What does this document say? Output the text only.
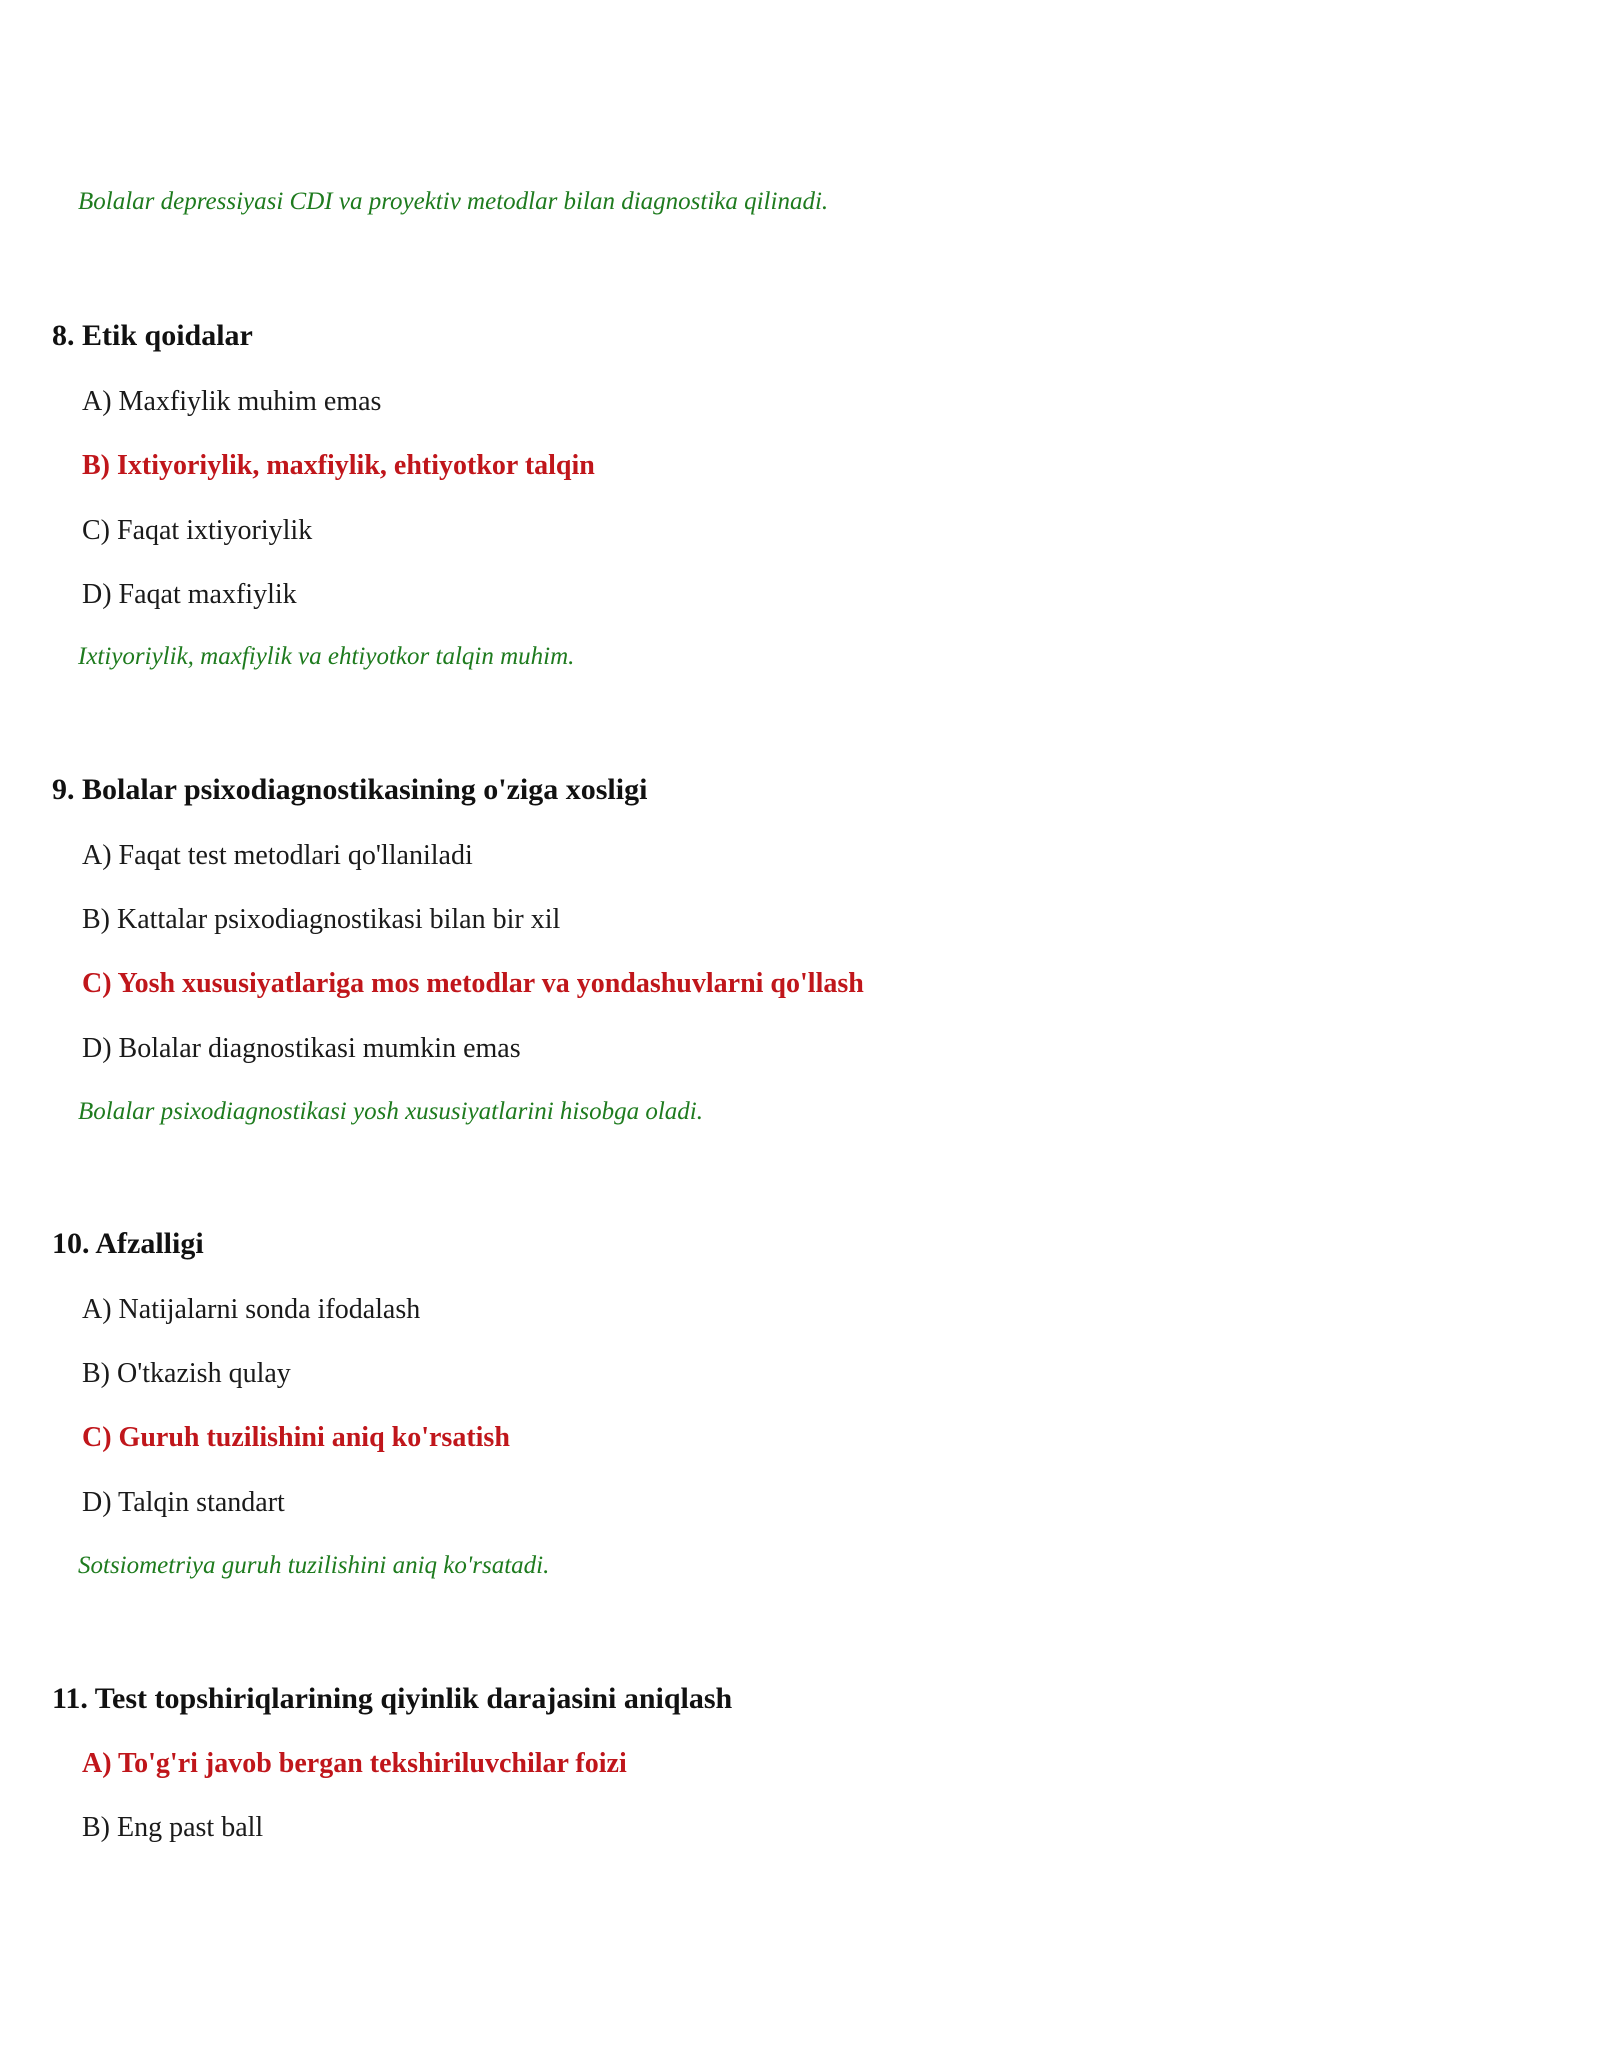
Bolalar depressiyasi CDI va proyektiv metodlar bilan diagnostika qilinadi.
8. Etik qoidalar
A) Maxfiylik muhim emas
B) Ixtiyoriylik, maxfiylik, ehtiyotkor talqin
C) Faqat ixtiyoriylik
D) Faqat maxfiylik
Ixtiyoriylik, maxfiylik va ehtiyotkor talqin muhim.
9. Bolalar psixodiagnostikasining o'ziga xosligi
A) Faqat test metodlari qo'llaniladi
B) Kattalar psixodiagnostikasi bilan bir xil
C) Yosh xususiyatlariga mos metodlar va yondashuvlarni qo'llash
D) Bolalar diagnostikasi mumkin emas
Bolalar psixodiagnostikasi yosh xususiyatlarini hisobga oladi.
10. Afzalligi
A) Natijalarni sonda ifodalash
B) O'tkazish qulay
C) Guruh tuzilishini aniq ko'rsatish
D) Talqin standart
Sotsiometriya guruh tuzilishini aniq ko'rsatadi.
11. Test topshiriqlarining qiyinlik darajasini aniqlash
A) To'g'ri javob bergan tekshiriluvchilar foizi
B) Eng past ball
